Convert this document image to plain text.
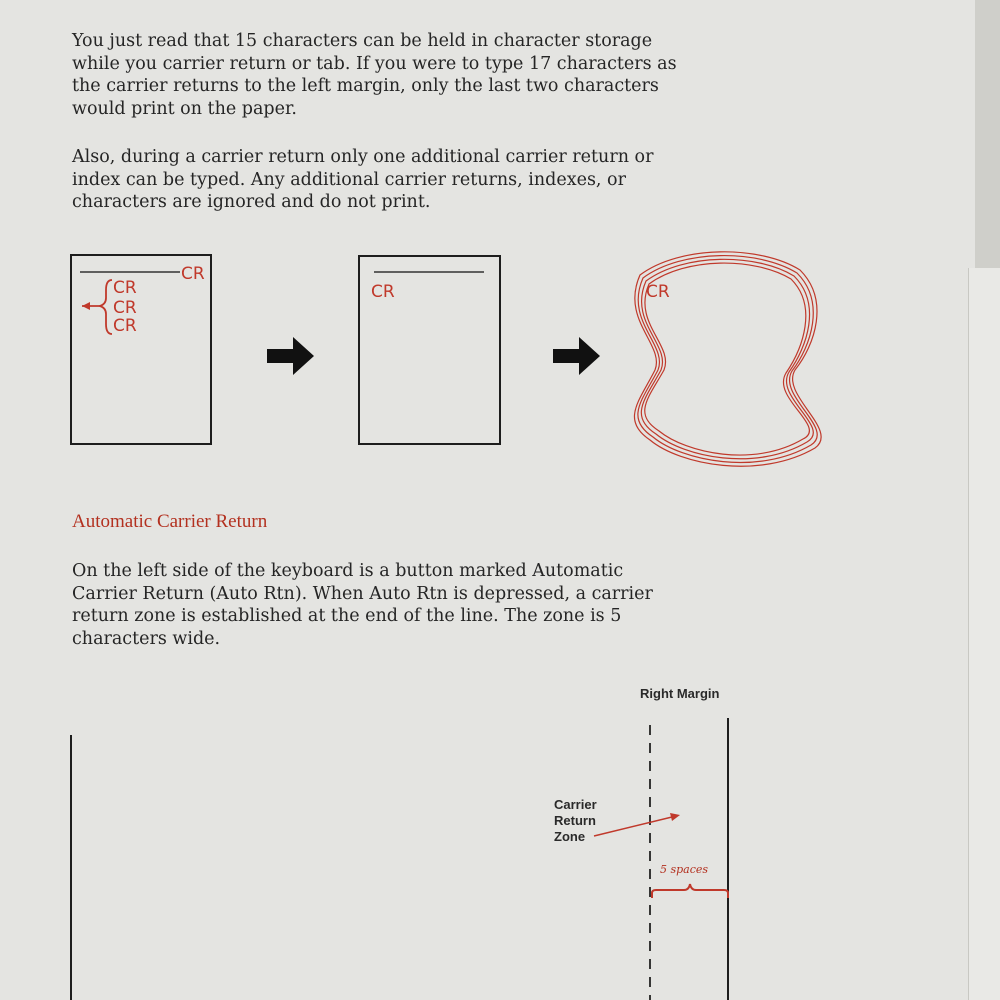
You just read that 15 characters can be held in character storage while you carrier return or tab. If you were to type 17 characters as the carrier returns to the left margin, only the last two characters would print on the paper.

Also, during a carrier return only one additional carrier return or index can be typed. Any additional carrier returns, indexes, or characters are ignored and do not print.

CR
CR
CR
CR
CR	CR
5 spaces
Right Margin
Carrier
Return
Zone
Automatic Carrier Return

On the left side of the keyboard is a button marked Automatic Carrier Return (Auto Rtn). When Auto Rtn is depressed, a carrier return zone is established at the end of the line. The zone is 5 characters wide.
